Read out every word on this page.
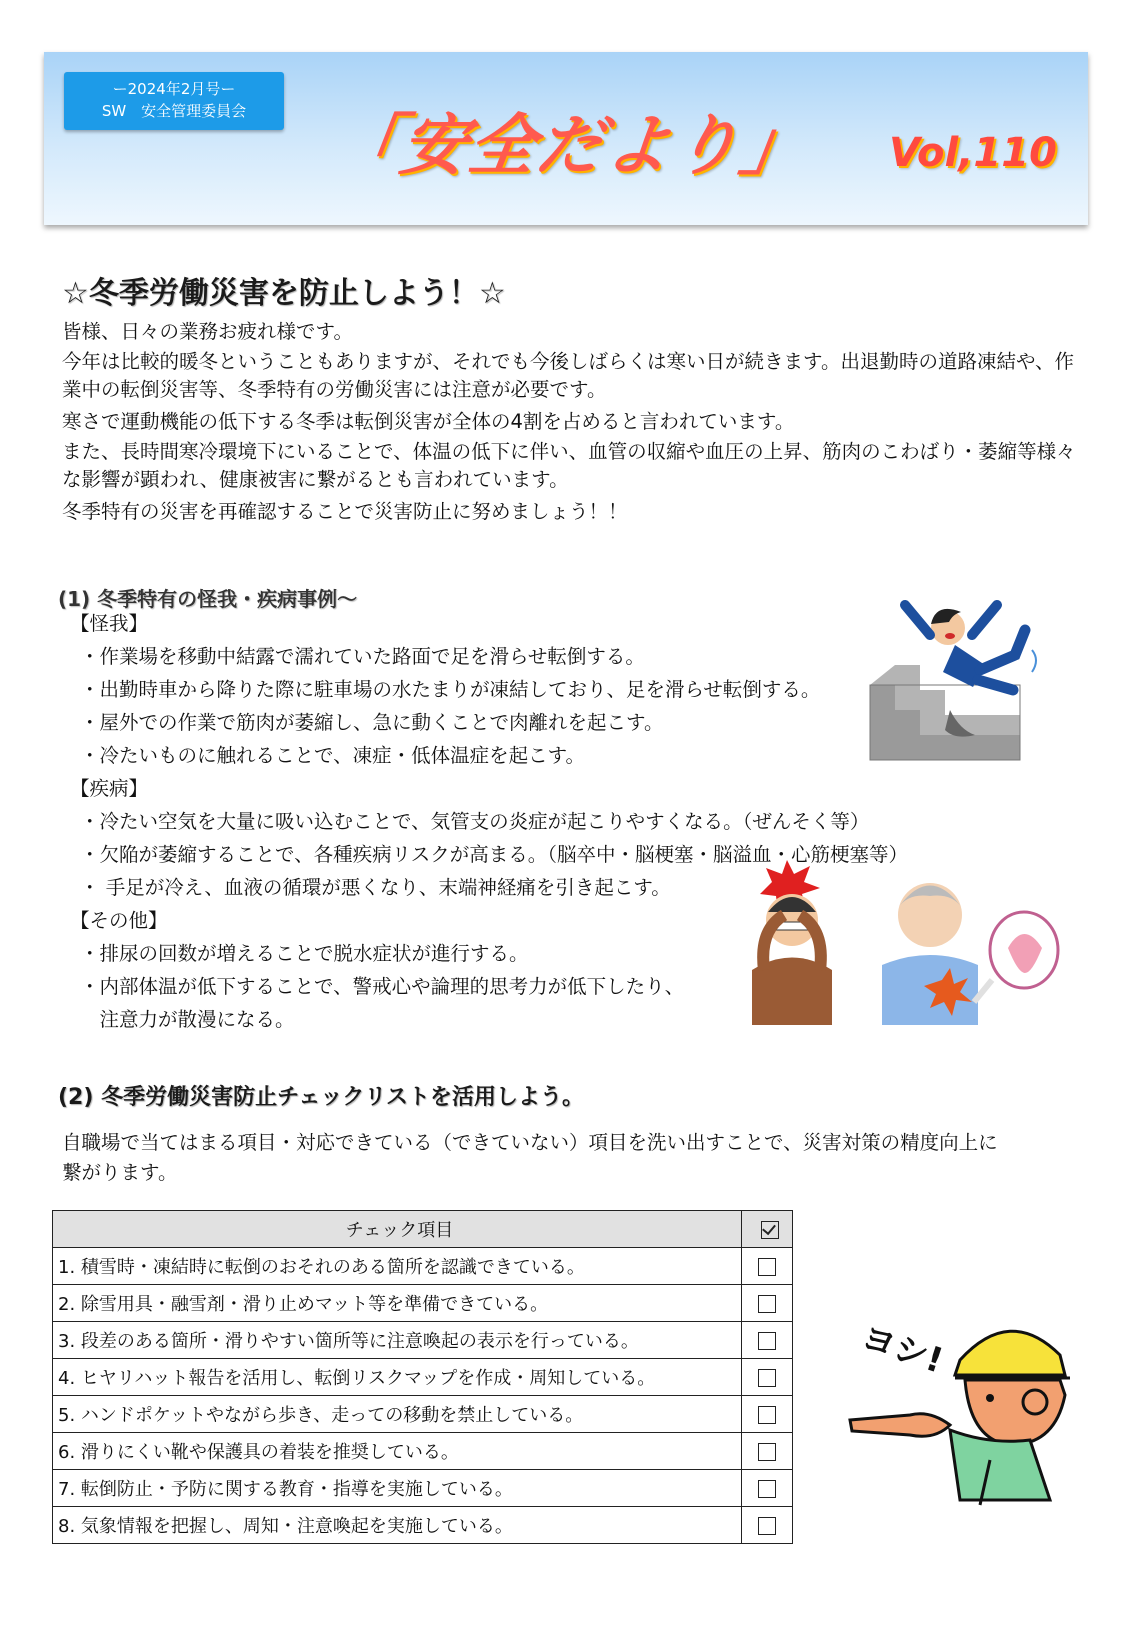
ー2024年2月号ー
SW　安全管理委員会	「安全だより」 Vol,110
☆冬季労働災害を防止しよう！☆
皆様、日々の業務お疲れ様です。
今年は比較的暖冬ということもありますが、それでも今後しばらくは寒い日が続きます。出退勤時の道路凍結や、作業中の転倒災害等、冬季特有の労働災害には注意が必要です。
寒さで運動機能の低下する冬季は転倒災害が全体の4割を占めると言われています。
また、長時間寒冷環境下にいることで、体温の低下に伴い、血管の収縮や血圧の上昇、筋肉のこわばり・萎縮等様々な影響が顕われ、健康被害に繋がるとも言われています。
冬季特有の災害を再確認することで災害防止に努めましょう！！
(1) 冬季特有の怪我・疾病事例～
【怪我】
・作業場を移動中結露で濡れていた路面で足を滑らせ転倒する。
・出勤時車から降りた際に駐車場の水たまりが凍結しており、足を滑らせ転倒する。
・屋外での作業で筋肉が萎縮し、急に動くことで肉離れを起こす。
・冷たいものに触れることで、凍症・低体温症を起こす。
【疾病】
・冷たい空気を大量に吸い込むことで、気管支の炎症が起こりやすくなる。（ぜんそく等）
・欠陥が萎縮することで、各種疾病リスクが高まる。（脳卒中・脳梗塞・脳溢血・心筋梗塞等）
・ 手足が冷え、血液の循環が悪くなり、末端神経痛を引き起こす。
【その他】
・排尿の回数が増えることで脱水症状が進行する。
・内部体温が低下することで、警戒心や論理的思考力が低下したり、
　注意力が散漫になる。
(2) 冬季労働災害防止チェックリストを活用しよう。
自職場で当てはまる項目・対応できている（できていない）項目を洗い出すことで、災害対策の精度向上に
繋がります。
チェック項目	
1. 積雪時・凍結時に転倒のおそれのある箇所を認識できている。	
2. 除雪用具・融雪剤・滑り止めマット等を準備できている。	
3. 段差のある箇所・滑りやすい箇所等に注意喚起の表示を行っている。	
4. ヒヤリハット報告を活用し、転倒リスクマップを作成・周知している。	
5. ハンドポケットやながら歩き、走っての移動を禁止している。	
6. 滑りにくい靴や保護具の着装を推奨している。	
7. 転倒防止・予防に関する教育・指導を実施している。	
8. 気象情報を把握し、周知・注意喚起を実施している。	
ヨシ!
